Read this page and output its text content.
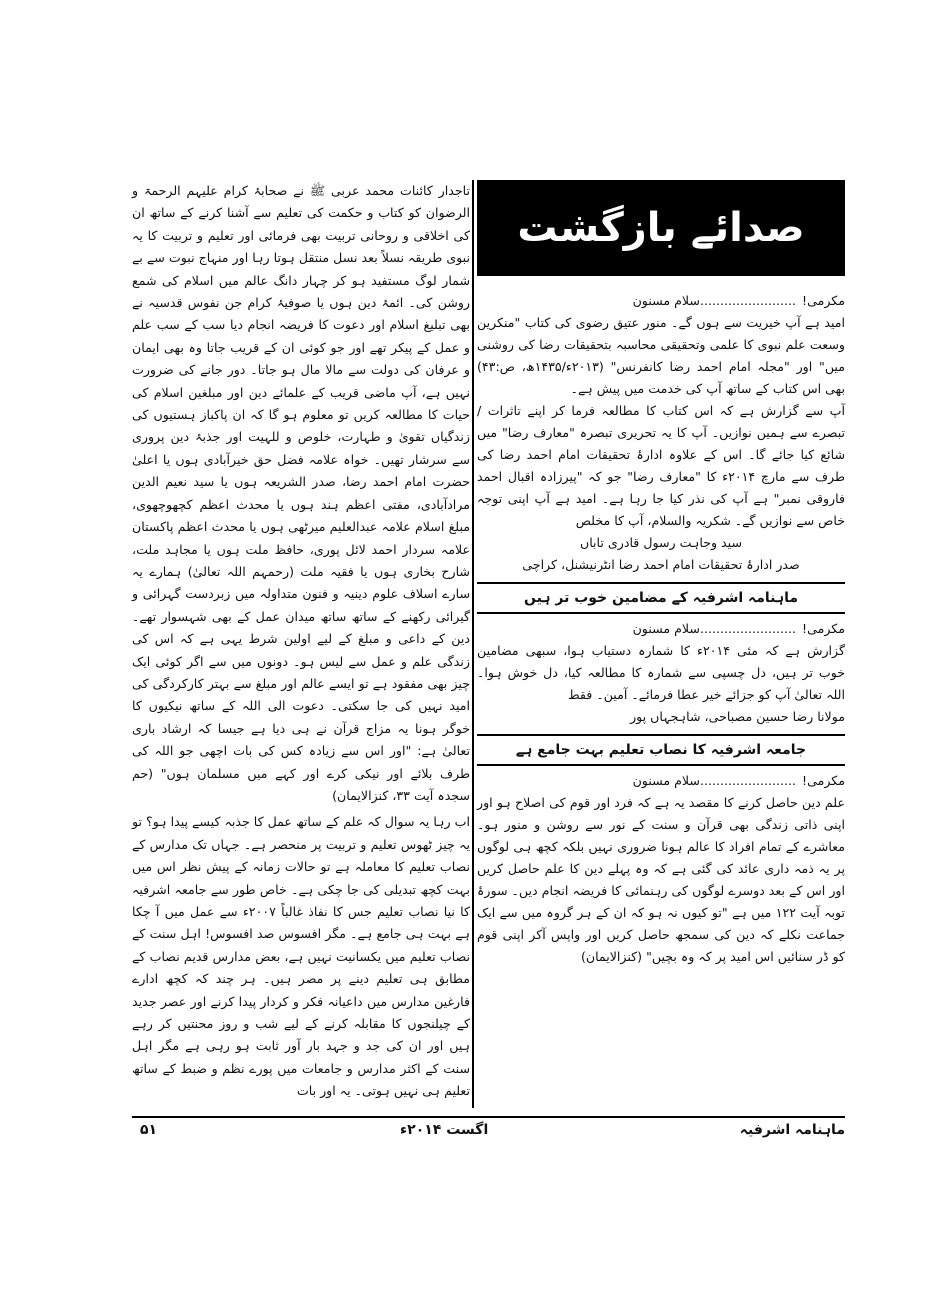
صدائے بازگشت
مکرمی!
........................سلام مسنون

امید ہے آپ خیریت سے ہوں گے۔ منور عتیق رضوی کی کتاب "منکرین وسعت علم نبوی کا علمی وتحقیقی محاسبہ بتحقیقات رضا کی روشنی میں" اور "مجلہ امام احمد رضا کانفرنس" (۲۰۱۳ء/۱۴۳۵ھ، ص:۴۳) بھی اس کتاب کے ساتھ آپ کی خدمت میں پیش ہے۔

آپ سے گزارش ہے کہ اس کتاب کا مطالعہ فرما کر اپنے تاثرات / تبصرے سے ہمیں نوازیں۔ آپ کا یہ تحریری تبصرہ "معارف رضا" میں شائع کیا جائے گا۔ اس کے علاوہ ادارۂ تحقیقات امام احمد رضا کی طرف سے مارچ ۲۰۱۴ء کا "معارف رضا" جو کہ "پیرزادہ اقبال احمد فاروقی نمبر" ہے آپ کی نذر کیا جا رہا ہے۔ امید ہے آپ اپنی توجہ خاص سے نوازیں گے۔ شکریہ والسلام، آپ کا مخلص

سید وجاہت رسول قادری تاباں

صدر ادارۂ تحقیقات امام احمد رضا انٹرنیشنل، کراچی

ماہنامہ اشرفیہ کے مضامین خوب تر ہیں
مکرمی!
........................سلام مسنون

گزارش ہے کہ مئی ۲۰۱۴ء کا شمارہ دستیاب ہوا، سبھی مضامین خوب تر ہیں، دل چسپی سے شمارہ کا مطالعہ کیا، دل خوش ہوا۔ اللہ تعالیٰ آپ کو جزائے خیر عطا فرمائے۔ آمین۔ فقط

مولانا رضا حسین مصباحی، شاہجہاں پور

جامعہ اشرفیہ کا نصاب تعلیم بہت جامع ہے
مکرمی!
........................سلام مسنون

علم دین حاصل کرنے کا مقصد یہ ہے کہ فرد اور قوم کی اصلاح ہو اور اپنی ذاتی زندگی بھی قرآن و سنت کے نور سے روشن و منور ہو۔ معاشرے کے تمام افراد کا عالم ہونا ضروری نہیں بلکہ کچھ ہی لوگوں پر یہ ذمہ داری عائد کی گئی ہے کہ وہ پہلے دین کا علم حاصل کریں اور اس کے بعد دوسرے لوگوں کی رہنمائی کا فریضہ انجام دیں۔ سورۂ توبہ آیت ۱۲۲ میں ہے "تو کیوں نہ ہو کہ ان کے ہر گروہ میں سے ایک جماعت نکلے کہ دین کی سمجھ حاصل کریں اور واپس آکر اپنی قوم کو ڈر سنائیں اس امید پر کہ وہ بچیں" (کنزالایمان)

تاجدار کائنات محمد عربی ﷺ نے صحابۂ کرام علیہم الرحمۃ و الرضوان کو کتاب و حکمت کی تعلیم سے آشنا کرنے کے ساتھ ان کی اخلاقی و روحانی تربیت بھی فرمائی اور تعلیم و تربیت کا یہ نبوی طریقہ نسلاً بعد نسل منتقل ہوتا رہا اور منہاج نبوت سے بے شمار لوگ مستفید ہو کر چہار دانگ عالم میں اسلام کی شمع روشن کی۔ ائمۂ دین ہوں یا صوفیۂ کرام جن نفوس قدسیہ نے بھی تبلیغ اسلام اور دعوت کا فریضہ انجام دیا سب کے سب علم و عمل کے پیکر تھے اور جو کوئی ان کے قریب جاتا وہ بھی ایمان و عرفان کی دولت سے مالا مال ہو جاتا۔ دور جانے کی ضرورت نہیں ہے، آپ ماضی قریب کے علمائے دین اور مبلغین اسلام کی حیات کا مطالعہ کریں تو معلوم ہو گا کہ ان پاکباز ہستیوں کی زندگیاں تقویٰ و طہارت، خلوص و للہیت اور جذبۂ دین پروری سے سرشار تھیں۔ خواہ علامہ فضل حق خیرآبادی ہوں یا اعلیٰ حضرت امام احمد رضا، صدر الشریعہ ہوں یا سید نعیم الدین مرادآبادی، مفتی اعظم ہند ہوں یا محدث اعظم کچھوچھوی، مبلغ اسلام علامہ عبدالعلیم میرٹھی ہوں یا محدث اعظم پاکستان علامہ سردار احمد لائل پوری، حافظ ملت ہوں یا مجاہد ملت، شارح بخاری ہوں یا فقیہ ملت (رحمہم اللہ تعالیٰ) ہمارے یہ سارے اسلاف علوم دینیہ و فنون متداولہ میں زبردست گہرائی و گیرائی رکھنے کے ساتھ ساتھ میدان عمل کے بھی شہسوار تھے۔ دین کے داعی و مبلغ کے لیے اولین شرط یہی ہے کہ اس کی زندگی علم و عمل سے لیس ہو۔ دونوں میں سے اگر کوئی ایک چیز بھی مفقود ہے تو ایسے عالم اور مبلغ سے بہتر کارکردگی کی امید نہیں کی جا سکتی۔ دعوت الی اللہ کے ساتھ نیکیوں کا خوگر ہونا یہ مزاج قرآن نے ہی دیا ہے جیسا کہ ارشاد باری تعالیٰ ہے: "اور اس سے زیادہ کس کی بات اچھی جو اللہ کی طرف بلائے اور نیکی کرے اور کہے میں مسلمان ہوں" (حم سجدہ آیت ۳۳، کنزالایمان)

اب رہا یہ سوال کہ علم کے ساتھ عمل کا جذبہ کیسے پیدا ہو؟ تو یہ چیز ٹھوس تعلیم و تربیت پر منحصر ہے۔ جہاں تک مدارس کے نصاب تعلیم کا معاملہ ہے تو حالات زمانہ کے پیش نظر اس میں بہت کچھ تبدیلی کی جا چکی ہے۔ خاص طور سے جامعہ اشرفیہ کا نیا نصاب تعلیم جس کا نفاذ غالباً ۲۰۰۷ء سے عمل میں آ چکا ہے بہت ہی جامع ہے۔ مگر افسوس صد افسوس! اہل سنت کے نصاب تعلیم میں یکسانیت نہیں ہے، بعض مدارس قدیم نصاب کے مطابق ہی تعلیم دینے پر مصر ہیں۔ ہر چند کہ کچھ ادارے فارغین مدارس میں داعیانہ فکر و کردار پیدا کرنے اور عصر جدید کے چیلنجوں کا مقابلہ کرنے کے لیے شب و روز محنتیں کر رہے ہیں اور ان کی جد و جہد بار آور ثابت ہو رہی ہے مگر اہل سنت کے اکثر مدارس و جامعات میں پورے نظم و ضبط کے ساتھ تعلیم ہی نہیں ہوتی۔ یہ اور بات

ماہنامہ اشرفیہ
اگست ۲۰۱۴ء
۵۱
